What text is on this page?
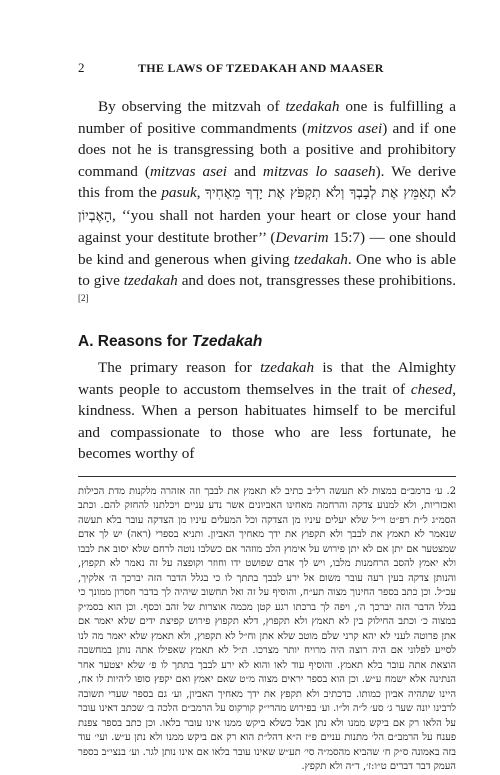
2	THE LAWS OF TZEDAKAH AND MAASER

By observing the mitzvah of tzedakah one is fulfilling a number of positive commandments (mitzvos asei) and if one does not he is transgressing both a positive and prohibitory command (mitzvas asei and mitzvas lo saaseh). We derive this from the pasuk, לֹא תְאַמֵּץ אֶת לְבָבְךָ וְלֹא תִקְפֹּץ אֶת יָדְךָ מֵאָחִיךָ הָאֶבְיוֹן, ‘‘you shall not harden your heart or close your hand against your destitute brother’’ (Devarim 15:7) — one should be kind and generous when giving tzedakah. One who is able to give tzedakah and does not, transgresses these prohibitions.[2]

A. Reasons for Tzedakah

The primary reason for tzedakah is that the Almighty wants people to accustom themselves in the trait of chesed, kindness. When a person habituates himself to be merciful and compassionate to those who are less fortunate, he becomes worthy of

2. ע׳ ברמב״ם במצות לא תעשה רל״ב כתיב לא תאמץ את לבבך וזה אזהרה מלקנות מדת הכילות ואכזריות, ולא למנוע צדקה והרחמה מאחינו האביונים אשר נדע עניים ויכלתנו להחזק להם. וכתב הסמ״ג ל״ת רפ״ט וי״ל שלא יעלים עיניו מן הצדקה וכל המעלים עיניו מן הצדקה עובר בלא תעשה שנאמר לא תאמץ את לבבך ולא תקפוץ את ידך מאחיך האביון. ותניא בספרי (ראה) יש לך אדם שמצטער אם יתן אם לא יתן פירוש על אימוץ הלב מוזהר אם כשלבו נוטה לרחם שלא יסוב את לבבו ולא יאמץ להסב הרחמנות מלבו, ויש לך אדם שפושט ידו וחוזר וקופצה על זה נאמר לא תקפוץ, והנותן צדקה בעין רעה עובר משום אל ירע לבבך בתתך לו כי בגלל הדבר הזה יברכך ה׳ אלקיך, עכ״ל. וכן כתב בספר החינוך מצוה תע״ח, והוסיף על זה ואל תחשוב שיהיה לך בדבר חסרון ממונך כי בגלל הדבר הזה יברכך ה׳, ויפה לך ברכתו רגע קטן מכמה אוצרות של זהב וכסף. וכן הוא בסמ״ק במצוה כ׳ וכתב החילוק בין לא תאמץ ולא תקפוץ, דלא תקפוץ פירוש קפיצת ידים שלא יאמר אם אתן פרוטה לעני לא יהא קרני שלם מוטב שלא אתן וח״ל לא תקפוץ, ולא תאמץ שלא יאמר מה לנו לסייע לפלוני אם היה רוצה היה מרויח יותר מצרכו. ת״ל לא תאמץ שאפילו אתה נותן במחשבה הוצאת אתה עובר בלא תאמץ. והוסיף עוד לאו והוא לא ירע לבבך בתתך לו פ׳ שלא יצטער אחר הנתינה אלא ישמח ע״ש. וכן הוא בספר יראים מצוה מ״ט שאם יאמץ ואם יקפץ סופו ליהיות לו אח, היינו שתהיה אביון כמותו. כדכתיב ולא תקפץ את ידך מאחיך האביון, וע׳ גם בספר שערי תשובה לרבינו יונה שער ג׳ סע׳ ל״ה ול״ו. וע׳ בפירוש מהרי״ק קורקוס על הרמב״ם הלכה ב׳ שכתב דאינו עובר על הלאו רק אם ביקש ממנו ולא נתן אבל כשלא ביקש ממנו אינו עובר בלאו. וכן כתב בספר צפנת פענח על הרמב״ם הל׳ מתנות עניים פ״ז ה״א דהל״ת הוא רק אם ביקש ממנו ולא נתן ע״ש. ועי׳ עוד בזה באמונה ס״ק ח׳ שהביא מהסמ״ה סי׳ תע״ש שאינו עובר בלאו אם אינו נותן לגר. וע׳ בנצי״ב בספר העמק דבר דברים ט״ו:ז׳, ד״ה ולא תקפץ.
